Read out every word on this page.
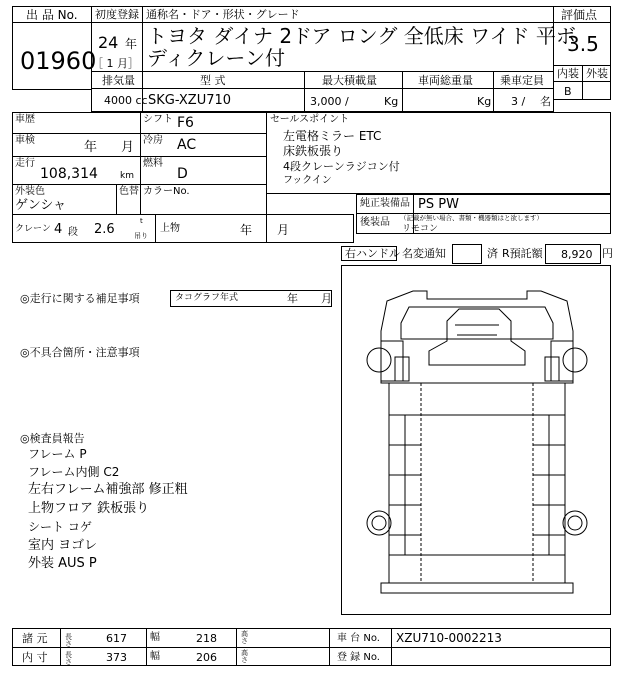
出 品 No.
01960
初度登録
24 年
［ 1 月］
通称名・ドア・形状・グレード
トヨタ ダイナ 2ドア ロング 全低床 ワイド 平ボ
ディクレーン付
評価点
3.5
内装 外装
B
排気量	型 式	最大積載量	車両総重量 乗車定員
4000 cc SKG-XZU710	3,000 /	Kg	Kg 3 / 名
車歴	シフト F6
車検	年 月 冷房 AC
走行
108,314 km
燃料
D
外装色
ゲンシャ
色替 カラーNo.
クレーン 4 段 2.6
t
吊り
上物	年 月
セールスポイント
左電格ミラー ETC
床鉄板張り
4段クレーンラジコン付
フックイン
純正装備品 PS PW
後装品 （記載が無い場合、書類・機器類はと欲します）
リモコン
右ハンドル 名変通知	済 R預託額 8,920 円
◎走行に関する補足事項	タコグラフ年式	年 月
◎不具合箇所・注意事項
◎検査員報告
フレーム P
フレーム内側 C2
左右フレーム補強部 修正粗
上物フロア 鉄板張り
シート コゲ
室内 ヨゴレ
外装 AUS P
諸 元	長さ	617 幅	218	高さ
内 寸	長さ	373 幅	206	高さ
車 台 No. XZU710-0002213
登 録 No.
